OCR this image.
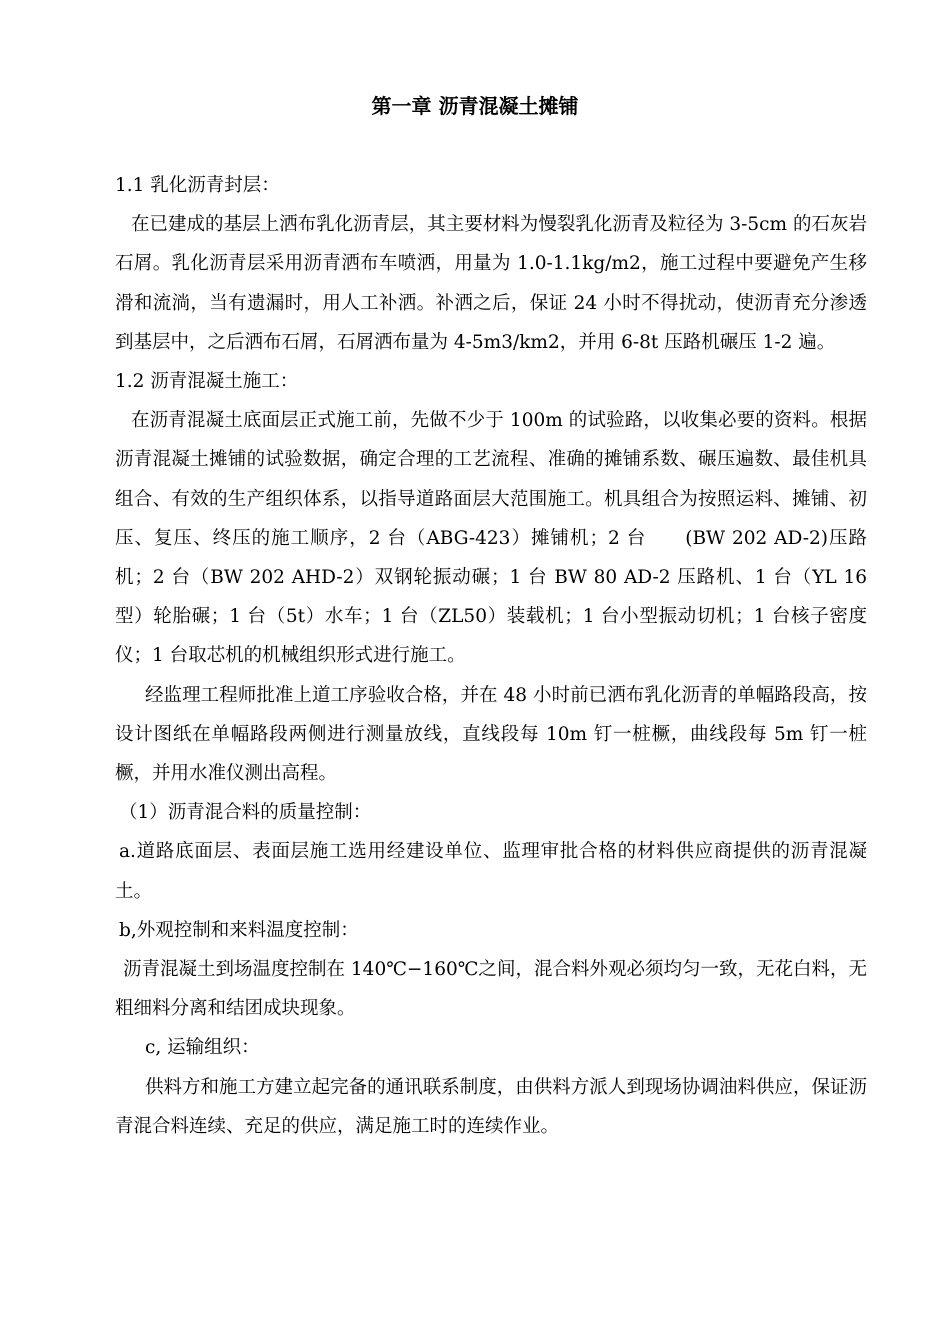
第一章 沥青混凝土摊铺

1.1 乳化沥青封层：

在已建成的基层上洒布乳化沥青层，其主要材料为慢裂乳化沥青及粒径为 3-5cm 的石灰岩石屑。乳化沥青层采用沥青洒布车喷洒，用量为 1.0-1.1kg/m2，施工过程中要避免产生移滑和流淌，当有遗漏时，用人工补洒。补洒之后，保证 24 小时不得扰动，使沥青充分渗透到基层中，之后洒布石屑，石屑洒布量为 4-5m3/km2，并用 6-8t 压路机碾压 1-2 遍。

1.2 沥青混凝土施工：

在沥青混凝土底面层正式施工前，先做不少于 100m 的试验路，以收集必要的资料。根据沥青混凝土摊铺的试验数据，确定合理的工艺流程、准确的摊铺系数、碾压遍数、最佳机具组合、有效的生产组织体系，以指导道路面层大范围施工。机具组合为按照运料、摊铺、初压、复压、终压的施工顺序，2 台（ABG-423）摊铺机；2 台　　(BW 202 AD-2)压路机；2 台（BW 202 AHD-2）双钢轮振动碾；1 台 BW 80 AD-2 压路机、1 台（YL 16 型）轮胎碾；1 台（5t）水车；1 台（ZL50）装载机；1 台小型振动切机；1 台核子密度仪；1 台取芯机的机械组织形式进行施工。

经监理工程师批准上道工序验收合格，并在 48 小时前已洒布乳化沥青的单幅路段高，按设计图纸在单幅路段两侧进行测量放线，直线段每 10m 钉一桩橛，曲线段每 5m 钉一桩橛，并用水准仪测出高程。

（1）沥青混合料的质量控制：

a.道路底面层、表面层施工选用经建设单位、监理审批合格的材料供应商提供的沥青混凝土。

b,外观控制和来料温度控制：

沥青混凝土到场温度控制在 140℃−160℃之间，混合料外观必须均匀一致，无花白料，无粗细料分离和结团成块现象。

c, 运输组织：

供料方和施工方建立起完备的通讯联系制度，由供料方派人到现场协调油料供应，保证沥青混合料连续、充足的供应，满足施工时的连续作业。
